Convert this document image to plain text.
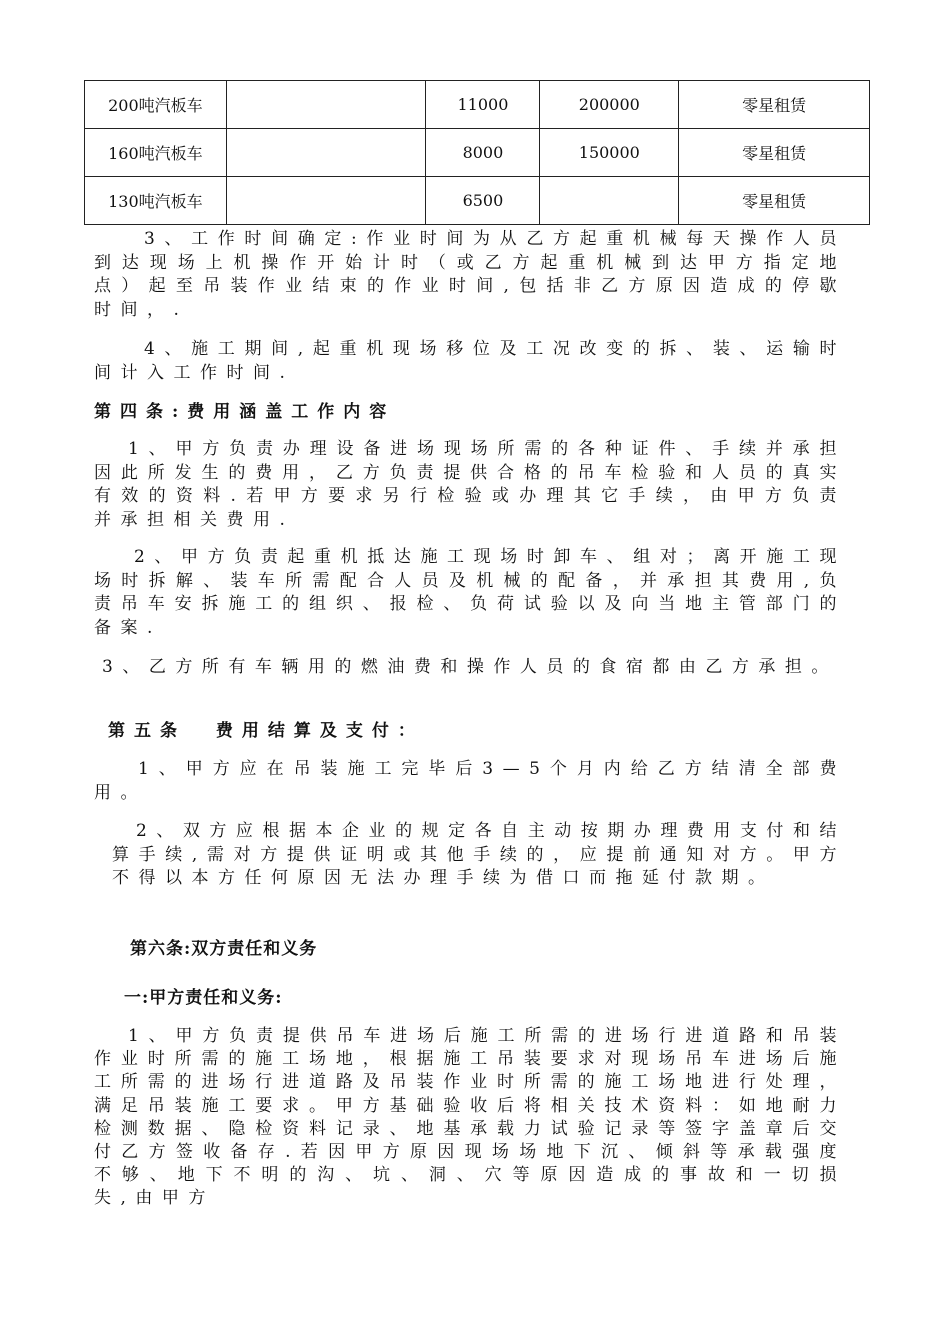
200吨汽板车		11000	200000	零星租赁
160吨汽板车		8000	150000	零星租赁
130吨汽板车		6500		零星租赁

3、工作时间确定:作业时间为从乙方起重机械每天操作人员到达现场上机操作开始计时（或乙方起重机械到达甲方指定地点）起至吊装作业结束的作业时间,包括非乙方原因造成的停歇时间，.

4、施工期间,起重机现场移位及工况改变的拆、装、运输时间计入工作时间.

第四条:费用涵盖工作内容

1、甲方负责办理设备进场现场所需的各种证件、手续并承担因此所发生的费用，乙方负责提供合格的吊车检验和人员的真实有效的资料.若甲方要求另行检验或办理其它手续，由甲方负责并承担相关费用.

2、甲方负责起重机抵达施工现场时卸车、组对；离开施工现场时拆解、装车所需配合人员及机械的配备，并承担其费用,负责吊车安拆施工的组织、报检、负荷试验以及向当地主管部门的备案.

3、乙方所有车辆用的燃油费和操作人员的食宿都由乙方承担。

第五条  费用结算及支付：

1、甲方应在吊装施工完毕后3—5个月内给乙方结清全部费用。

2、双方应根据本企业的规定各自主动按期办理费用支付和结算手续,需对方提供证明或其他手续的，应提前通知对方。甲方不得以本方任何原因无法办理手续为借口而拖延付款期。

第六条:双方责任和义务
一:甲方责任和义务:

1、甲方负责提供吊车进场后施工所需的进场行进道路和吊装作业时所需的施工场地，根据施工吊装要求对现场吊车进场后施工所需的进场行进道路及吊装作业时所需的施工场地进行处理，满足吊装施工要求。甲方基础验收后将相关技术资料：如地耐力检测数据、隐检资料记录、地基承载力试验记录等签字盖章后交付乙方签收备存.若因甲方原因现场场地下沉、倾斜等承载强度不够、地下不明的沟、坑、洞、穴等原因造成的事故和一切损失,由甲方
